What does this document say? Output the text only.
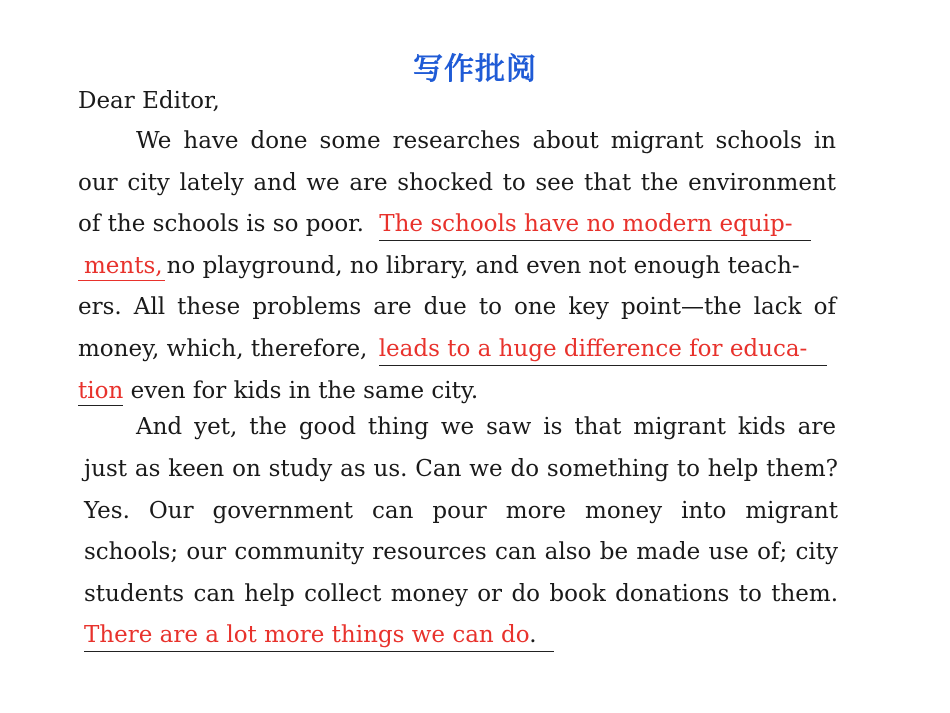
写作批阅
Dear Editor,
We have done some researches about migrant schools in
our city lately and we are shocked to see that the environment
of the schools is so poor. The schools have no modern equip-
ments, no playground, no library, and even not enough teach-
ers. All these problems are due to one key point—the lack of
money, which, therefore, leads to a huge difference for educa-
tion even for kids in the same city.
And yet, the good thing we saw is that migrant kids are
just as keen on study as us. Can we do something to help them?
Yes. Our government can pour more money into migrant
schools; our community resources can also be made use of; city
students can help collect money or do book donations to them.
There are a lot more things we can do.
